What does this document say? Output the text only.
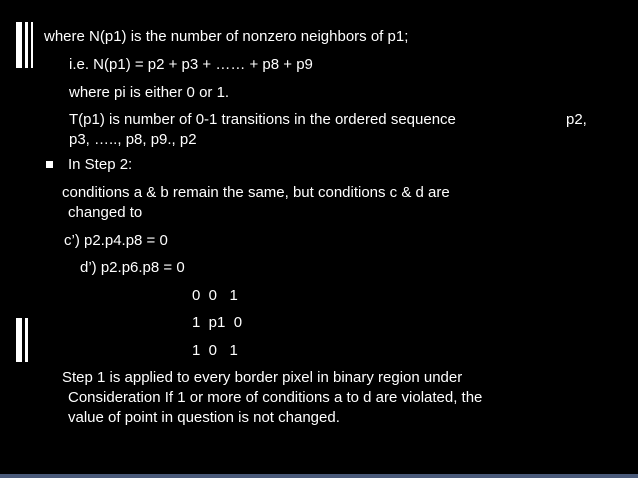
where N(p1) is the number of nonzero neighbors of p1;
i.e. N(p1) = p2 + p3 + …… + p8 + p9
where pi is either 0 or 1.
T(p1) is number of 0-1 transitions in the ordered sequence	p2,
p3, ….., p8, p9., p2
In Step 2:
conditions a & b remain the same, but conditions c & d are
changed to
c’) p2.p4.p8 = 0
d’) p2.p6.p8 = 0
0  0   1
1  p1  0
1  0   1
Step 1 is applied to every border pixel in binary region under
Consideration If 1 or more of conditions a to d are violated, the
value of point in question is not changed.
